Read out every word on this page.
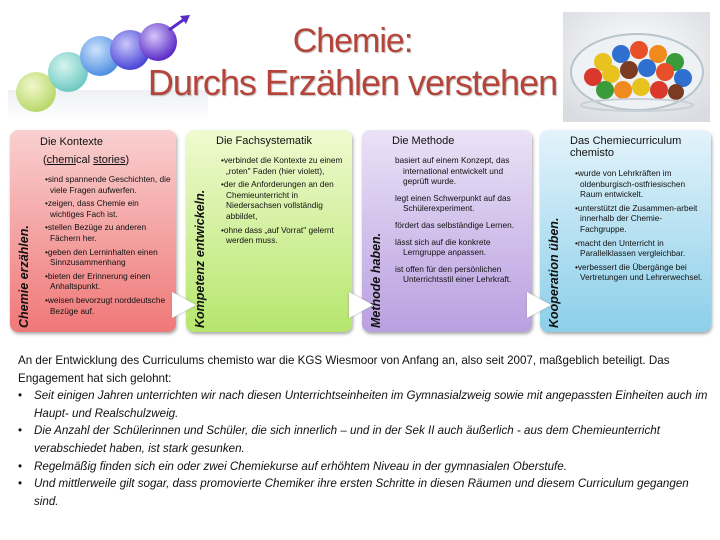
Chemie:
Durchs Erzählen verstehen
Chemie erzählen.
Die Kontexte
(chemical stories)
•sind spannende Geschichten, die viele Fragen aufwerfen.
•zeigen, dass Chemie ein wichtiges Fach ist.
•stellen Bezüge zu anderen Fächern her.
•geben den Lerninhalten einen Sinnzusammenhang
•bieten der Erinnerung einen Anhaltspunkt.
•weisen bevorzugt norddeutsche Bezüge auf.	Kompetenz entwickeln.
Die Fachsystematik
•verbindet die Kontexte zu einem „roten" Faden (hier violett),
•der die Anforderungen an den Chemieunterricht in Niedersachsen vollständig abbildet,
•ohne dass „auf Vorrat" gelernt werden muss.	Methode haben.
Die Methode
basiert auf einem Konzept, das international entwickelt und geprüft wurde.
legt einen Schwerpunkt auf das Schülerexperiment.
fördert das selbständige Lernen.
lässt sich auf die konkrete Lerngruppe anpassen.
ist offen für den persönlichen Unterrichtsstil einer Lehrkraft.	Kooperation üben.
Das Chemiecurriculum chemisto
•wurde von Lehrkräften im oldenburgisch-ostfriesischen Raum entwickelt.
•unterstützt die Zusammen-arbeit innerhalb der Chemie-Fachgruppe.
•macht den Unterricht in Parallelklassen vergleichbar.
•verbessert die Übergänge bei Vertretungen und Lehrerwechsel.

An der Entwicklung des Curriculums chemisto war die KGS Wiesmoor von Anfang an, also seit 2007, maßgeblich beteiligt. Das Engagement hat sich gelohnt:

• Seit einigen Jahren unterrichten wir nach diesen Unterrichtseinheiten im Gymnasialzweig sowie mit angepassten Einheiten auch im Haupt- und Realschulzweig.
• Die Anzahl der Schülerinnen und Schüler, die sich innerlich – und in der Sek II auch äußerlich - aus dem Chemieunterricht verabschiedet haben, ist stark gesunken.
• Regelmäßig finden sich ein oder zwei Chemiekurse auf erhöhtem Niveau in der gymnasialen Oberstufe.
• Und mittlerweile gilt sogar, dass promovierte Chemiker ihre ersten Schritte in diesen Räumen und diesem Curriculum gegangen sind.
